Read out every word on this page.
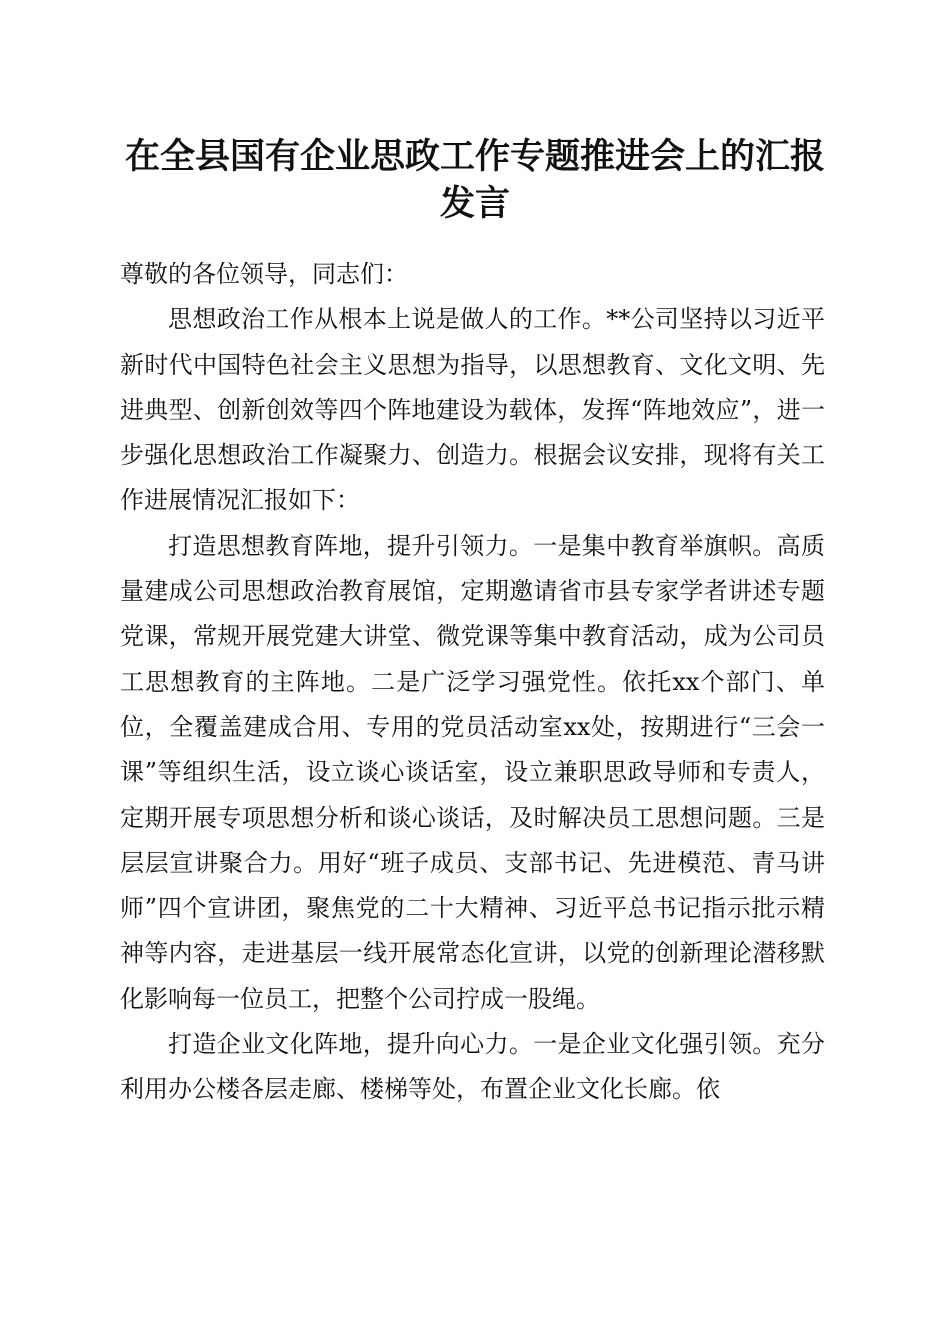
在全县国有企业思政工作专题推进会上的汇报发言

尊敬的各位领导，同志们：

思想政治工作从根本上说是做人的工作。**公司坚持以习近平新时代中国特色社会主义思想为指导，以思想教育、文化文明、先进典型、创新创效等四个阵地建设为载体，发挥“阵地效应”，进一步强化思想政治工作凝聚力、创造力。根据会议安排，现将有关工作进展情况汇报如下：

打造思想教育阵地，提升引领力。一是集中教育举旗帜。高质量建成公司思想政治教育展馆，定期邀请省市县专家学者讲述专题党课，常规开展党建大讲堂、微党课等集中教育活动，成为公司员工思想教育的主阵地。二是广泛学习强党性。依托xx个部门、单位，全覆盖建成合用、专用的党员活动室xx处，按期进行“三会一课”等组织生活，设立谈心谈话室，设立兼职思政导师和专责人，定期开展专项思想分析和谈心谈话，及时解决员工思想问题。三是层层宣讲聚合力。用好“班子成员、支部书记、先进模范、青马讲师”四个宣讲团，聚焦党的二十大精神、习近平总书记指示批示精神等内容，走进基层一线开展常态化宣讲，以党的创新理论潜移默化影响每一位员工，把整个公司拧成一股绳。

打造企业文化阵地，提升向心力。一是企业文化强引领。充分利用办公楼各层走廊、楼梯等处，布置企业文化长廊。依
